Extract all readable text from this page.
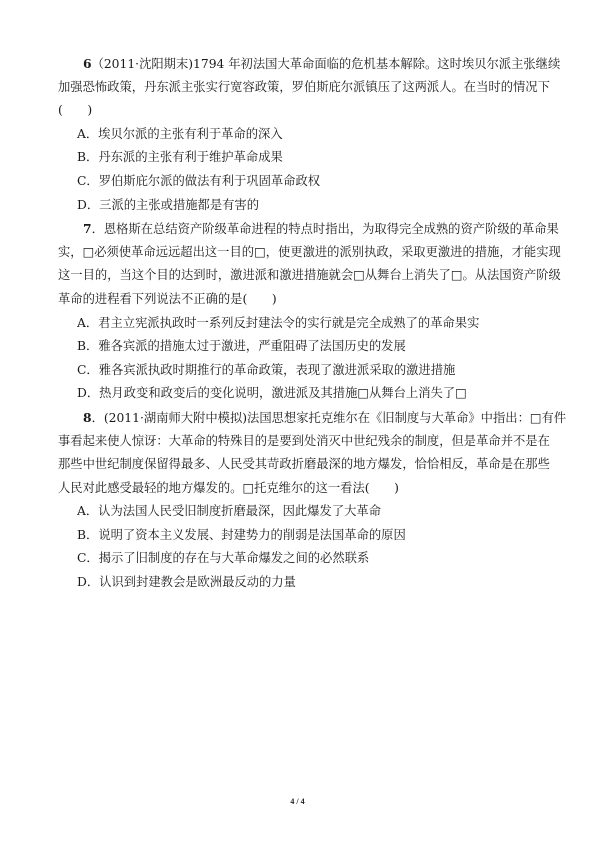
6（2011·沈阳期末)1794 年初法国大革命面临的危机基本解除。这时埃贝尔派主张继续
加强恐怖政策，丹东派主张实行宽容政策，罗伯斯庇尔派镇压了这两派人。在当时的情况下
(　　)
A．埃贝尔派的主张有利于革命的深入
B．丹东派的主张有利于维护革命成果
C．罗伯斯庇尔派的做法有利于巩固革命政权
D．三派的主张或措施都是有害的
7．恩格斯在总结资产阶级革命进程的特点时指出，为取得完全成熟的资产阶级的革命果
实，□必须使革命远远超出这一目的□，使更激进的派别执政，采取更激进的措施，才能实现
这一目的，当这个目的达到时，激进派和激进措施就会□从舞台上消失了□。从法国资产阶级
革命的进程看下列说法不正确的是(　　)
A．君主立宪派执政时一系列反封建法令的实行就是完全成熟了的革命果实
B．雅各宾派的措施太过于激进，严重阻碍了法国历史的发展
C．雅各宾派执政时期推行的革命政策，表现了激进派采取的激进措施
D．热月政变和政变后的变化说明，激进派及其措施□从舞台上消失了□
8．(2011·湖南师大附中模拟)法国思想家托克维尔在《旧制度与大革命》中指出：□有件
事看起来使人惊讶：大革命的特殊目的是要到处消灭中世纪残余的制度，但是革命并不是在
那些中世纪制度保留得最多、人民受其苛政折磨最深的地方爆发，恰恰相反，革命是在那些
人民对此感受最轻的地方爆发的。□托克维尔的这一看法(　　)
A．认为法国人民受旧制度折磨最深，因此爆发了大革命
B．说明了资本主义发展、封建势力的削弱是法国革命的原因
C．揭示了旧制度的存在与大革命爆发之间的必然联系
D．认识到封建教会是欧洲最反动的力量
4 / 4
